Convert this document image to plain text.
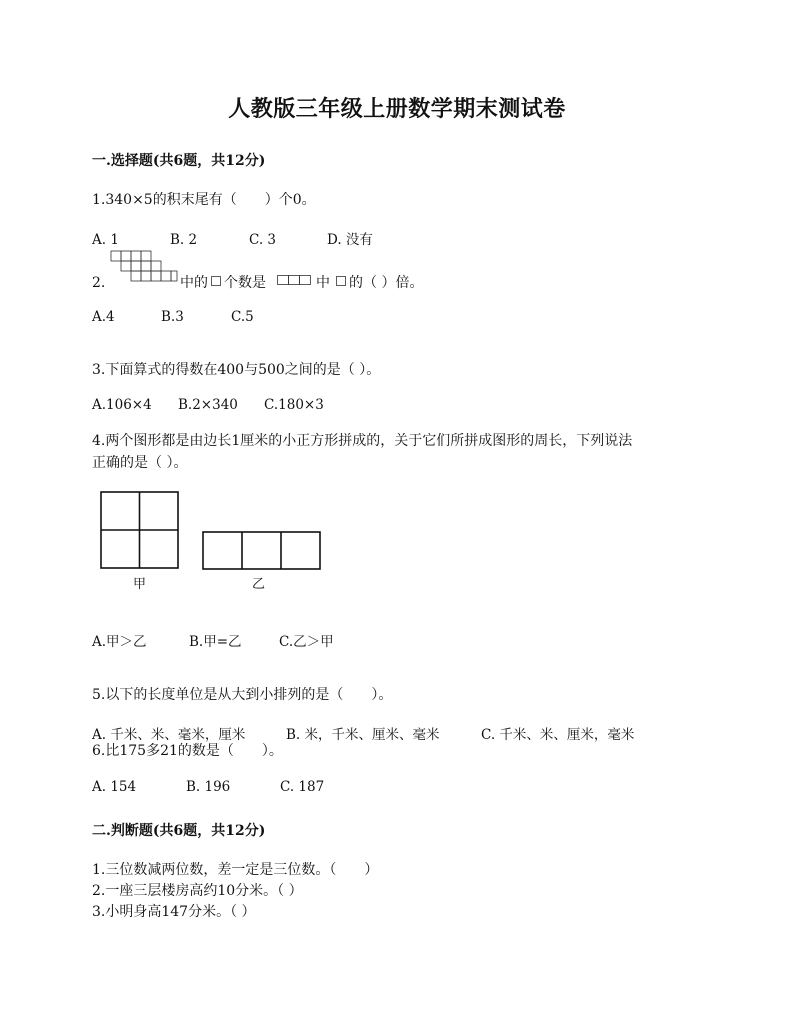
人教版三年级上册数学期末测试卷
一.选择题(共6题，共12分)
1.340×5的积末尾有（　　）个0。
A. 1	B. 2	C. 3	D. 没有
2.	中的 个数是	中 的（ ）倍。
A.4	B.3	C.5
3.下面算式的得数在400与500之间的是（ ）。
A.106×4 B.2×340 C.180×3
4.两个图形都是由边长1厘米的小正方形拼成的，关于它们所拼成图形的周长，下列说法
正确的是（ ）。
甲	乙
A.甲＞乙	B.甲=乙	C.乙＞甲
5.以下的长度单位是从大到小排列的是（　　）。
A. 千米、米、毫米，厘米	B. 米，千米、厘米、毫米	C. 千米、米、厘米，毫米
6.比175多21的数是（　　）。
A. 154	B. 196	C. 187
二.判断题(共6题，共12分)
1.三位数减两位数，差一定是三位数。（　　）
2.一座三层楼房高约10分米。（ ）
3.小明身高147分米。（ ）
